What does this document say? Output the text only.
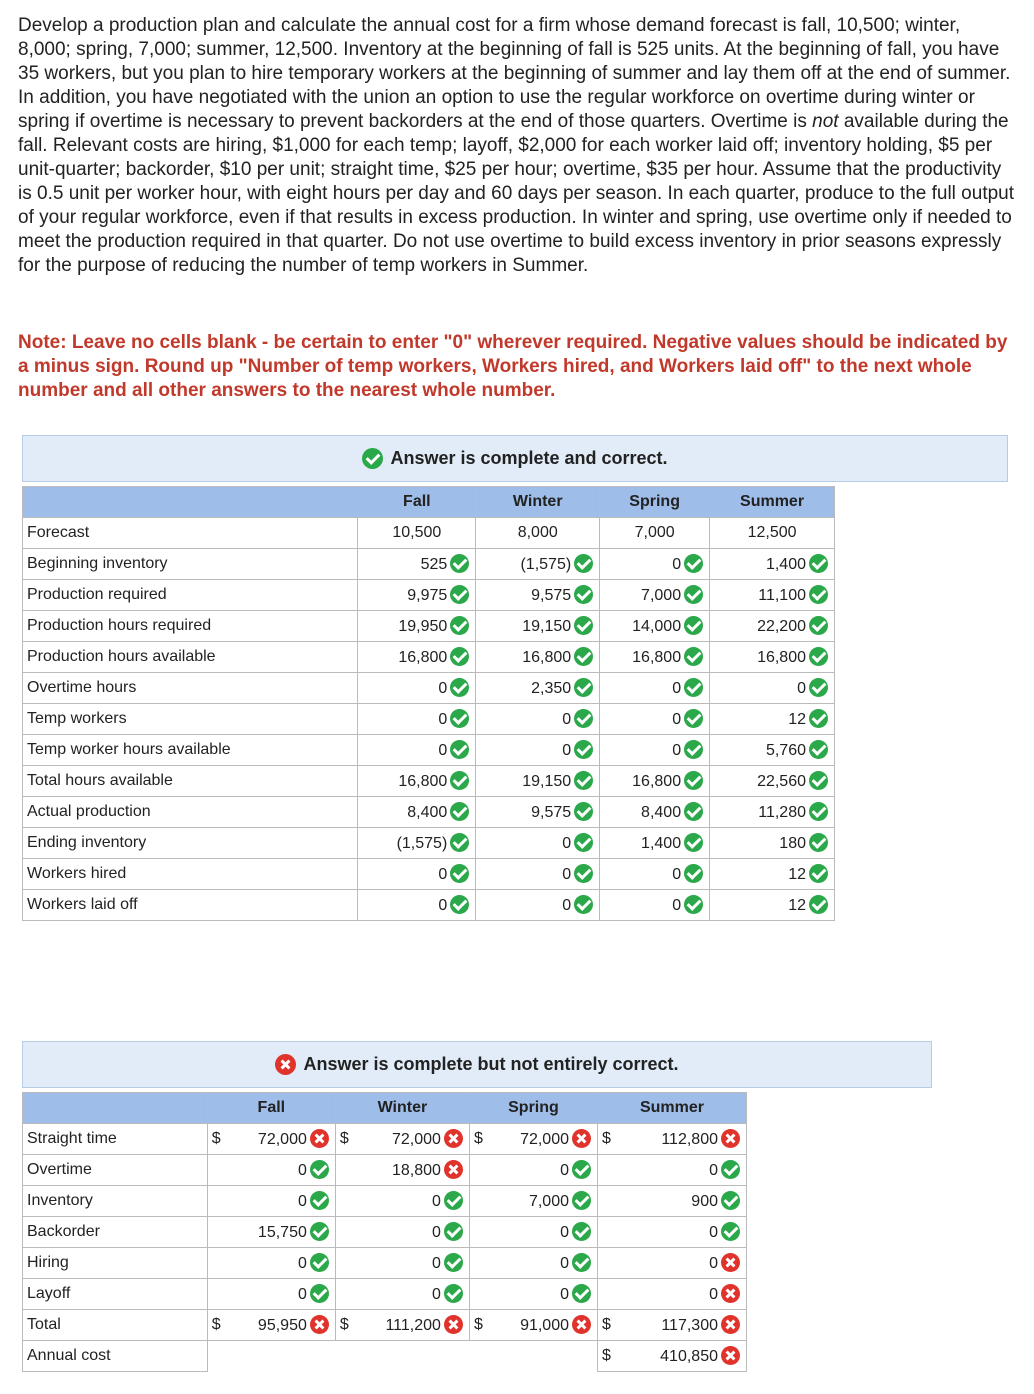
Develop a production plan and calculate the annual cost for a firm whose demand forecast is fall, 10,500; winter, 8,000; spring, 7,000; summer, 12,500. Inventory at the beginning of fall is 525 units. At the beginning of fall, you have 35 workers, but you plan to hire temporary workers at the beginning of summer and lay them off at the end of summer. In addition, you have negotiated with the union an option to use the regular workforce on overtime during winter or spring if overtime is necessary to prevent backorders at the end of those quarters. Overtime is not available during the fall. Relevant costs are hiring, $1,000 for each temp; layoff, $2,000 for each worker laid off; inventory holding, $5 per unit-quarter; backorder, $10 per unit; straight time, $25 per hour; overtime, $35 per hour. Assume that the productivity is 0.5 unit per worker hour, with eight hours per day and 60 days per season. In each quarter, produce to the full output of your regular workforce, even if that results in excess production. In winter and spring, use overtime only if needed to meet the production required in that quarter. Do not use overtime to build excess inventory in prior seasons expressly for the purpose of reducing the number of temp workers in Summer.

Note: Leave no cells blank - be certain to enter "0" wherever required. Negative values should be indicated by a minus sign. Round up "Number of temp workers, Workers hired, and Workers laid off" to the next whole number and all other answers to the nearest whole number.

Answer is complete and correct.
	Fall	Winter	Spring	Summer
Forecast	10,500	8,000	7,000	12,500
Beginning inventory	525	(1,575)	0	1,400
Production required	9,975	9,575	7,000	11,100
Production hours required	19,950	19,150	14,000	22,200
Production hours available	16,800	16,800	16,800	16,800
Overtime hours	0	2,350	0	0
Temp workers	0	0	0	12
Temp worker hours available	0	0	0	5,760
Total hours available	16,800	19,150	16,800	22,560
Actual production	8,400	9,575	8,400	11,280
Ending inventory	(1,575)	0	1,400	180
Workers hired	0	0	0	12
Workers laid off	0	0	0	12
Answer is complete but not entirely correct.
	Fall		Winter		Spring		Summer	
Straight time	$	72,000	$	72,000	$	72,000	$	112,800
Overtime		0		18,800		0		0
Inventory		0		0		7,000		900
Backorder		15,750		0		0		0
Hiring		0		0		0		0
Layoff		0		0		0		0
Total	$	95,950	$	111,200	$	91,000	$	117,300
Annual cost							$	410,850
